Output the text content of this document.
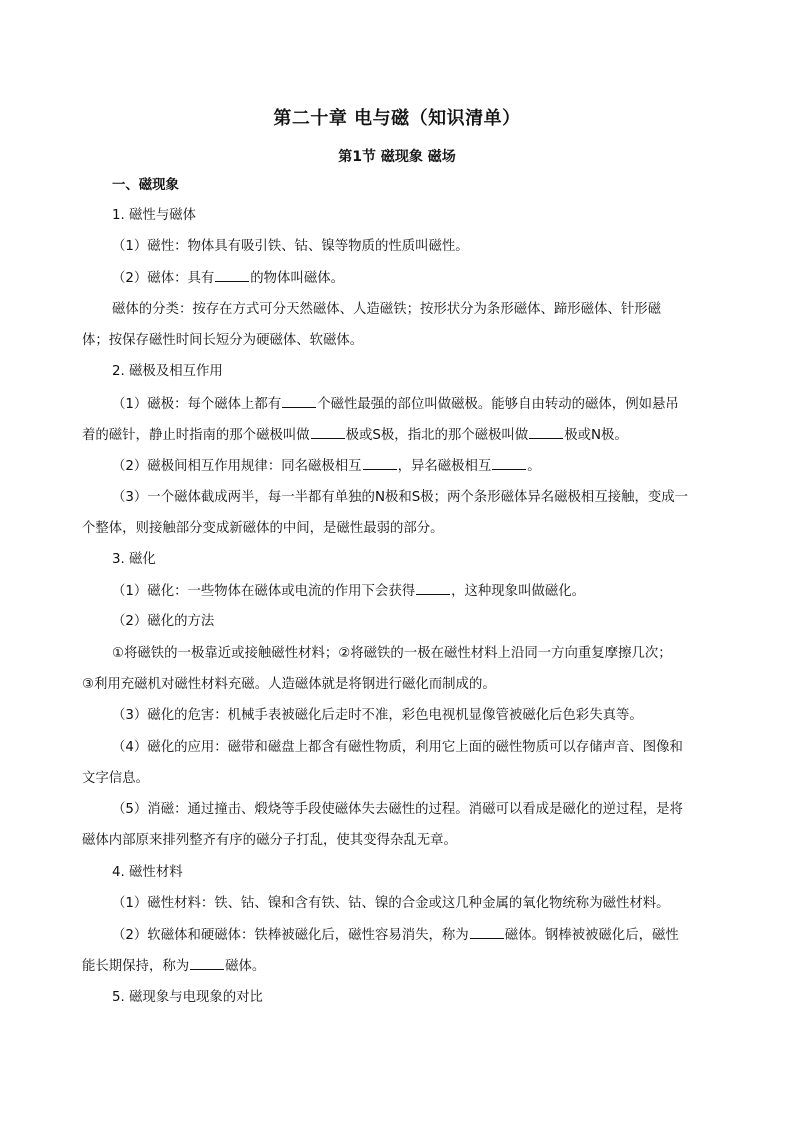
第二十章 电与磁（知识清单）
第1节 磁现象 磁场
一、磁现象
1. 磁性与磁体
（1）磁性：物体具有吸引铁、钴、镍等物质的性质叫磁性。
（2）磁体：具有	的物体叫磁体。
磁体的分类：按存在方式可分天然磁体、人造磁铁；按形状分为条形磁体、蹄形磁体、针形磁
体；按保存磁性时间长短分为硬磁体、软磁体。
2. 磁极及相互作用
（1）磁极：每个磁体上都有	个磁性最强的部位叫做磁极。能够自由转动的磁体，例如悬吊
着的磁针，静止时指南的那个磁极叫做	极或S极，指北的那个磁极叫做	极或N极。
（2）磁极间相互作用规律：同名磁极相互	，异名磁极相互	。
（3）一个磁体截成两半，每一半都有单独的N极和S极；两个条形磁体异名磁极相互接触，变成一
个整体，则接触部分变成新磁体的中间，是磁性最弱的部分。
3. 磁化
（1）磁化：一些物体在磁体或电流的作用下会获得	，这种现象叫做磁化。
（2）磁化的方法
①将磁铁的一极靠近或接触磁性材料；②将磁铁的一极在磁性材料上沿同一方向重复摩擦几次；
③利用充磁机对磁性材料充磁。人造磁体就是将钢进行磁化而制成的。
（3）磁化的危害：机械手表被磁化后走时不准，彩色电视机显像管被磁化后色彩失真等。
（4）磁化的应用：磁带和磁盘上都含有磁性物质，利用它上面的磁性物质可以存储声音、图像和
文字信息。
（5）消磁：通过撞击、煅烧等手段使磁体失去磁性的过程。消磁可以看成是磁化的逆过程，是将
磁体内部原来排列整齐有序的磁分子打乱，使其变得杂乱无章。
4. 磁性材料
（1）磁性材料：铁、钴、镍和含有铁、钴、镍的合金或这几种金属的氧化物统称为磁性材料。
（2）软磁体和硬磁体：铁棒被磁化后，磁性容易消失，称为	磁体。钢棒被被磁化后，磁性
能长期保持，称为	磁体。
5. 磁现象与电现象的对比
